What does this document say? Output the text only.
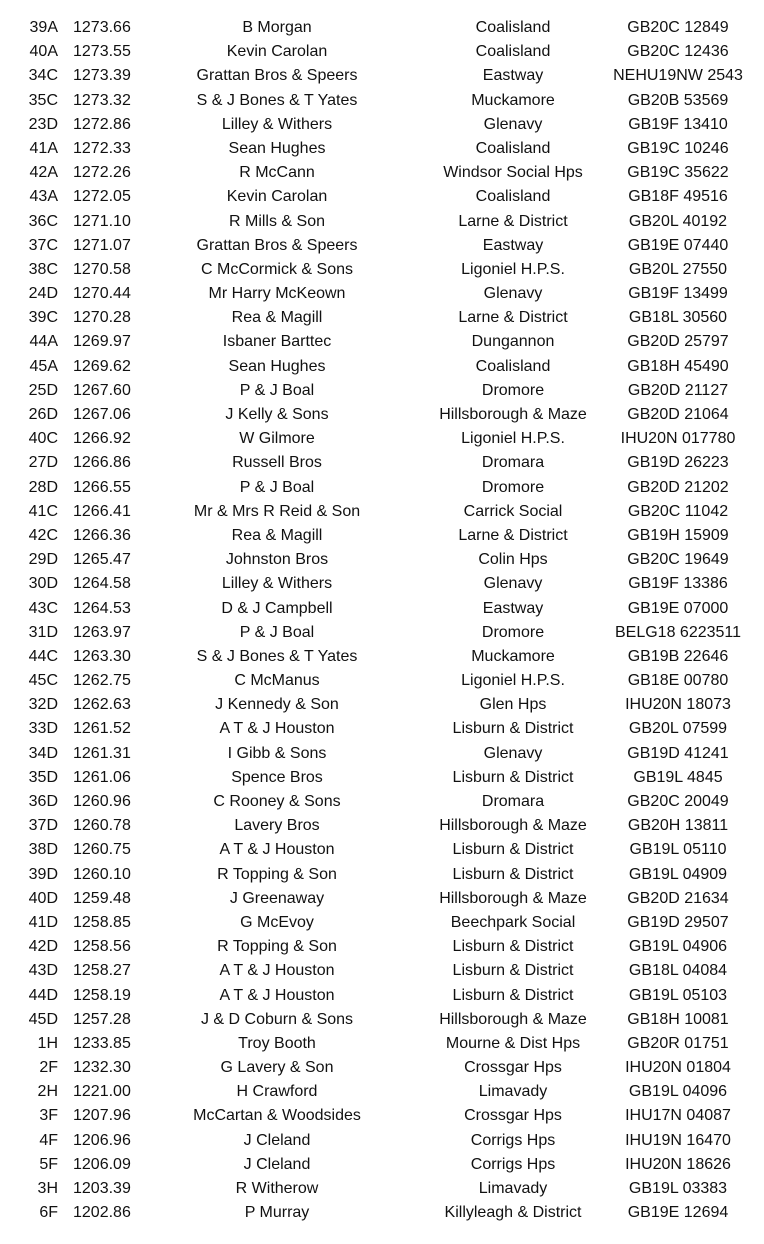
39A 1273.66	B Morgan	Coalisland	GB20C 12849
40A 1273.55	Kevin Carolan	Coalisland	GB20C 12436
34C 1273.39	Grattan Bros & Speers	Eastway	NEHU19NW 2543
35C 1273.32	S & J Bones & T Yates	Muckamore	GB20B 53569
23D 1272.86	Lilley & Withers	Glenavy	GB19F 13410
41A 1272.33	Sean Hughes	Coalisland	GB19C 10246
42A 1272.26	R McCann	Windsor Social Hps	GB19C 35622
43A 1272.05	Kevin Carolan	Coalisland	GB18F 49516
36C 1271.10	R Mills & Son	Larne & District	GB20L 40192
37C 1271.07	Grattan Bros & Speers	Eastway	GB19E 07440
38C 1270.58	C McCormick & Sons	Ligoniel H.P.S.	GB20L 27550
24D 1270.44	Mr Harry McKeown	Glenavy	GB19F 13499
39C 1270.28	Rea & Magill	Larne & District	GB18L 30560
44A 1269.97	Isbaner Barttec	Dungannon	GB20D 25797
45A 1269.62	Sean Hughes	Coalisland	GB18H 45490
25D 1267.60	P & J Boal	Dromore	GB20D 21127
26D 1267.06	J Kelly & Sons	Hillsborough & Maze	GB20D 21064
40C 1266.92	W Gilmore	Ligoniel H.P.S.	IHU20N 017780
27D 1266.86	Russell Bros	Dromara	GB19D 26223
28D 1266.55	P & J Boal	Dromore	GB20D 21202
41C 1266.41	Mr & Mrs R Reid & Son	Carrick Social	GB20C 11042
42C 1266.36	Rea & Magill	Larne & District	GB19H 15909
29D 1265.47	Johnston Bros	Colin Hps	GB20C 19649
30D 1264.58	Lilley & Withers	Glenavy	GB19F 13386
43C 1264.53	D & J Campbell	Eastway	GB19E 07000
31D 1263.97	P & J Boal	Dromore	BELG18 6223511
44C 1263.30	S & J Bones & T Yates	Muckamore	GB19B 22646
45C 1262.75	C McManus	Ligoniel H.P.S.	GB18E 00780
32D 1262.63	J Kennedy & Son	Glen Hps	IHU20N 18073
33D 1261.52	A T & J Houston	Lisburn & District	GB20L 07599
34D 1261.31	I Gibb & Sons	Glenavy	GB19D 41241
35D 1261.06	Spence Bros	Lisburn & District	GB19L 4845
36D 1260.96	C Rooney & Sons	Dromara	GB20C 20049
37D 1260.78	Lavery Bros	Hillsborough & Maze	GB20H 13811
38D 1260.75	A T & J Houston	Lisburn & District	GB19L 05110
39D 1260.10	R Topping & Son	Lisburn & District	GB19L 04909
40D 1259.48	J Greenaway	Hillsborough & Maze	GB20D 21634
41D 1258.85	G McEvoy	Beechpark Social	GB19D 29507
42D 1258.56	R Topping & Son	Lisburn & District	GB19L 04906
43D 1258.27	A T & J Houston	Lisburn & District	GB18L 04084
44D 1258.19	A T & J Houston	Lisburn & District	GB19L 05103
45D 1257.28	J & D Coburn & Sons	Hillsborough & Maze	GB18H 10081
1H 1233.85	Troy Booth	Mourne & Dist Hps	GB20R 01751
2F 1232.30	G Lavery & Son	Crossgar Hps	IHU20N 01804
2H 1221.00	H Crawford	Limavady	GB19L 04096
3F 1207.96	McCartan & Woodsides	Crossgar Hps	IHU17N 04087
4F 1206.96	J Cleland	Corrigs Hps	IHU19N 16470
5F 1206.09	J Cleland	Corrigs Hps	IHU20N 18626
3H 1203.39	R Witherow	Limavady	GB19L 03383
6F 1202.86	P Murray	Killyleagh & District	GB19E 12694
